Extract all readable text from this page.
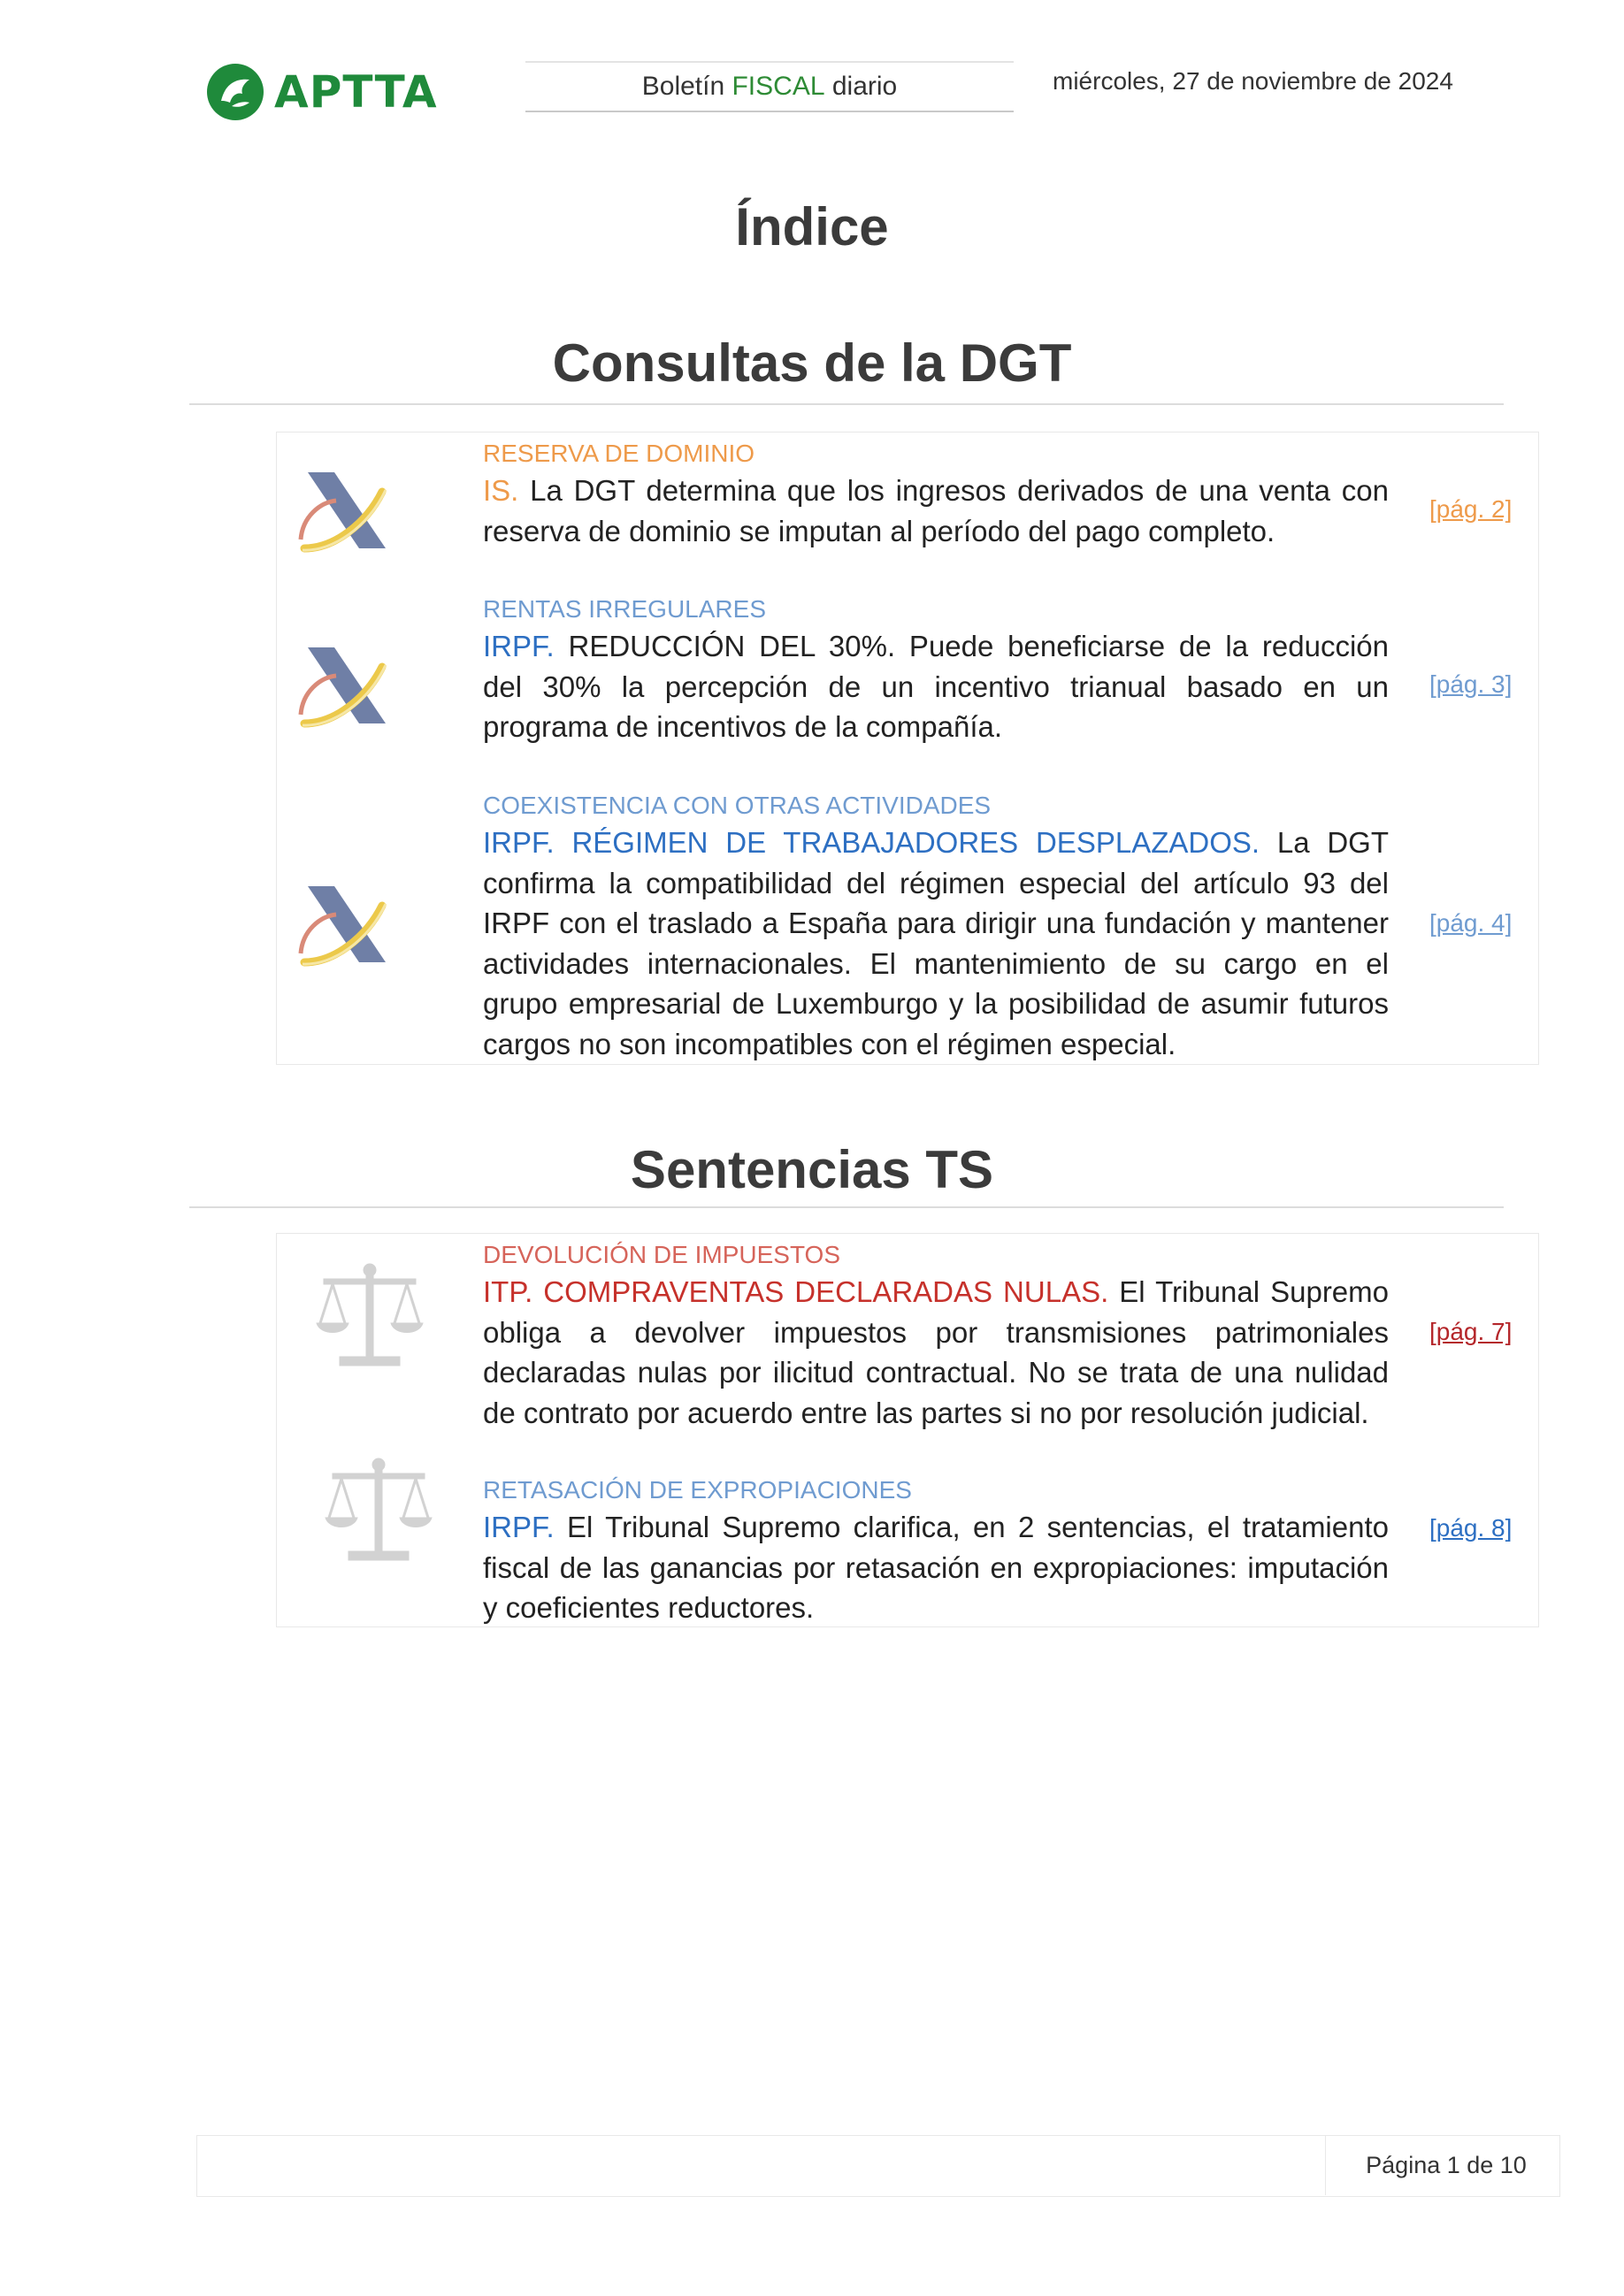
APTTA	Boletín FISCAL diario	miércoles, 27 de noviembre de 2024
Índice
Consultas de la DGT
RESERVA DE DOMINIO
IS. La DGT determina que los ingresos derivados de una venta con reserva de dominio se imputan al período del pago completo.
[pág. 2]
RENTAS IRREGULARES
IRPF. REDUCCIÓN DEL 30%. Puede beneficiarse de la reducción del 30% la percepción de un incentivo trianual basado en un programa de incentivos de la compañía.
[pág. 3]
COEXISTENCIA CON OTRAS ACTIVIDADES
IRPF. RÉGIMEN DE TRABAJADORES DESPLAZADOS. La DGT confirma la compatibilidad del régimen especial del artículo 93 del IRPF con el traslado a España para dirigir una fundación y mantener actividades internacionales. El mantenimiento de su cargo en el grupo empresarial de Luxemburgo y la posibilidad de asumir futuros cargos no son incompatibles con el régimen especial.
[pág. 4]
Sentencias TS
DEVOLUCIÓN DE IMPUESTOS
ITP. COMPRAVENTAS DECLARADAS NULAS. El Tribunal Supremo obliga a devolver impuestos por transmisiones patrimoniales declaradas nulas por ilicitud contractual. No se trata de una nulidad de contrato por acuerdo entre las partes si no por resolución judicial.
[pág. 7]
RETASACIÓN DE EXPROPIACIONES
IRPF. El Tribunal Supremo clarifica, en 2 sentencias, el tratamiento fiscal de las ganancias por retasación en expropiaciones: imputación y coeficientes reductores.
[pág. 8]
Página 1 de 10
